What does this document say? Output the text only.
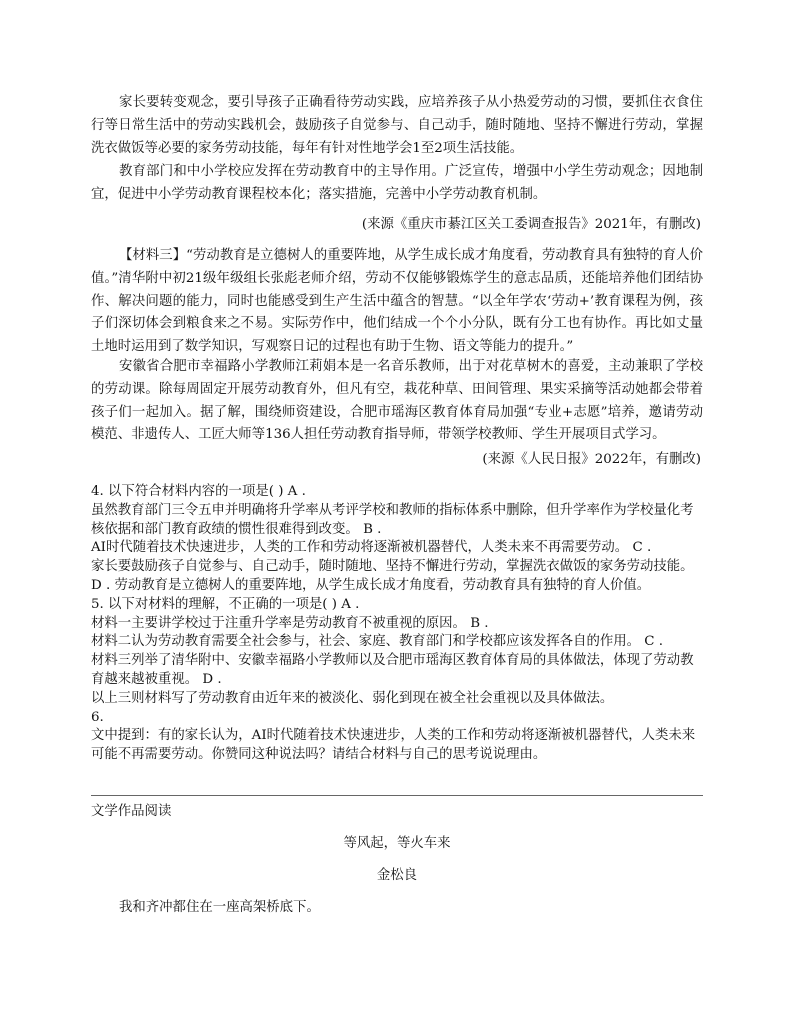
家长要转变观念，要引导孩子正确看待劳动实践，应培养孩子从小热爱劳动的习惯，要抓住衣食住行等日常生活中的劳动实践机会，鼓励孩子自觉参与、自己动手，随时随地、坚持不懈进行劳动，掌握洗衣做饭等必要的家务劳动技能，每年有针对性地学会1至2项生活技能。

教育部门和中小学校应发挥在劳动教育中的主导作用。广泛宣传，增强中小学生劳动观念；因地制宜，促进中小学劳动教育课程校本化；落实措施，完善中小学劳动教育机制。

(来源《重庆市綦江区关工委调查报告》2021年，有删改)

【材料三】“劳动教育是立德树人的重要阵地，从学生成长成才角度看，劳动教育具有独特的育人价值。”清华附中初21级年级组长张彪老师介绍，劳动不仅能够锻炼学生的意志品质，还能培养他们团结协作、解决问题的能力，同时也能感受到生产生活中蕴含的智慧。“以全年学农‘劳动+’教育课程为例，孩子们深切体会到粮食来之不易。实际劳作中，他们结成一个个小分队，既有分工也有协作。再比如丈量土地时运用到了数学知识，写观察日记的过程也有助于生物、语文等能力的提升。”

安徽省合肥市幸福路小学教师江莉娟本是一名音乐教师，出于对花草树木的喜爱，主动兼职了学校的劳动课。除每周固定开展劳动教育外，但凡有空，栽花种草、田间管理、果实采摘等活动她都会带着孩子们一起加入。据了解，围绕师资建设，合肥市瑶海区教育体育局加强“专业+志愿”培养，邀请劳动模范、非遗传人、工匠大师等136人担任劳动教育指导师，带领学校教师、学生开展项目式学习。

(来源《人民日报》2022年，有删改)

4. 以下符合材料内容的一项是( ) A .
虽然教育部门三令五申并明确将升学率从考评学校和教师的指标体系中删除，但升学率作为学校量化考核依据和部门教育政绩的惯性很难得到改变。 B .
AI时代随着技术快速进步，人类的工作和劳动将逐渐被机器替代，人类未来不再需要劳动。 C .
家长要鼓励孩子自觉参与、自己动手，随时随地、坚持不懈进行劳动，掌握洗衣做饭的家务劳动技能。 D . 劳动教育是立德树人的重要阵地，从学生成长成才角度看，劳动教育具有独特的育人价值。
5. 以下对材料的理解，不正确的一项是( ) A .
材料一主要讲学校过于注重升学率是劳动教育不被重视的原因。 B .
材料二认为劳动教育需要全社会参与，社会、家庭、教育部门和学校都应该发挥各自的作用。 C .
材料三列举了清华附中、安徽幸福路小学教师以及合肥市瑶海区教育体育局的具体做法，体现了劳动教育越来越被重视。 D .
以上三则材料写了劳动教育由近年来的被淡化、弱化到现在被全社会重视以及具体做法。
6.
文中提到：有的家长认为，AI时代随着技术快速进步，人类的工作和劳动将逐渐被机器替代，人类未来可能不再需要劳动。你赞同这种说法吗？请结合材料与自己的思考说说理由。

文学作品阅读

等风起，等火车来

金松良

我和齐冲都住在一座高架桥底下。
